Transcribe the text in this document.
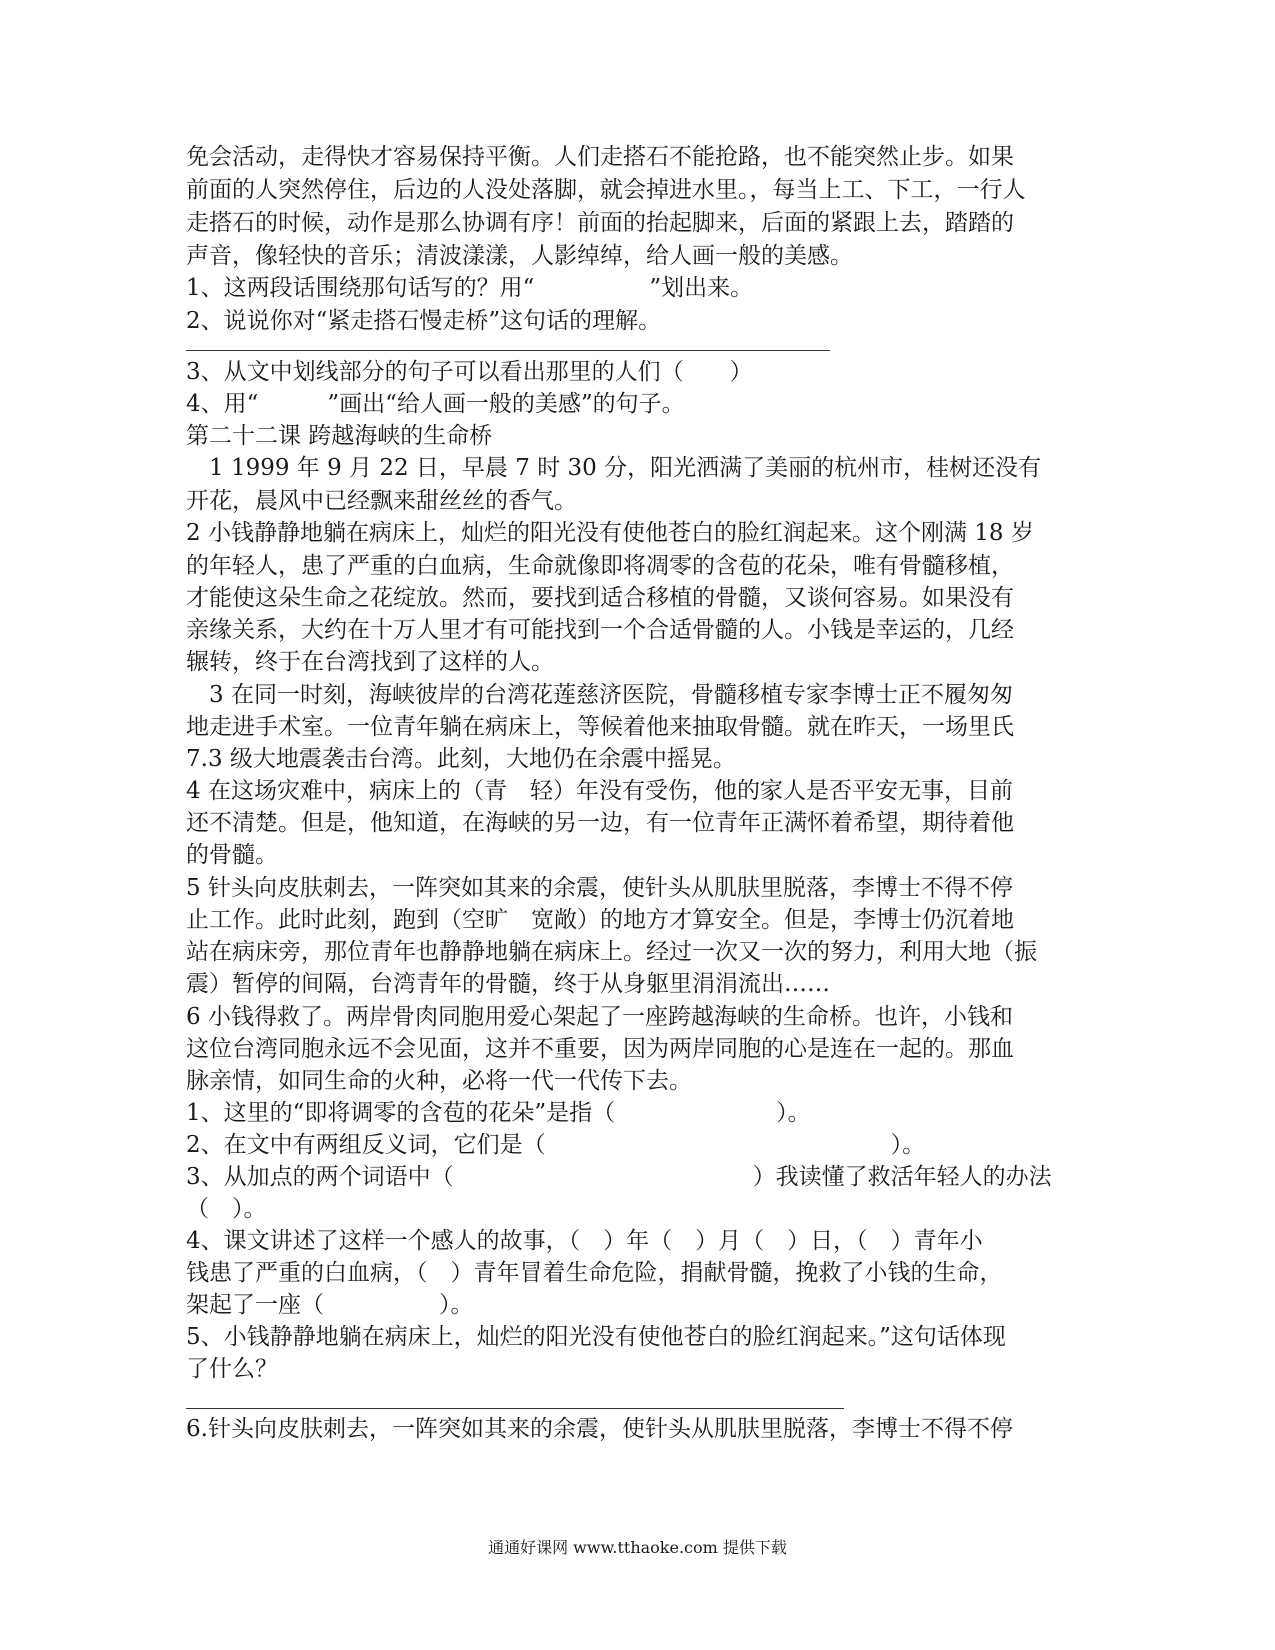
免会活动，走得快才容易保持平衡。人们走搭石不能抢路，也不能突然止步。如果
前面的人突然停住，后边的人没处落脚，就会掉进水里。，每当上工、下工，一行人
走搭石的时候，动作是那么协调有序！前面的抬起脚来，后面的紧跟上去，踏踏的
声音，像轻快的音乐；清波漾漾，人影绰绰，给人画一般的美感。
1、这两段话围绕那句话写的？用“　　　　　”划出来。
2、说说你对“紧走搭石慢走桥”这句话的理解。
3、从文中划线部分的句子可以看出那里的人们（　　）
4、用“　　　”画出“给人画一般的美感”的句子。
第二十二课 跨越海峡的生命桥
　1 1999 年 9 月 22 日，早晨 7 时 30 分，阳光洒满了美丽的杭州市，桂树还没有
开花，晨风中已经飘来甜丝丝的香气。
2 小钱静静地躺在病床上，灿烂的阳光没有使他苍白的脸红润起来。这个刚满 18 岁
的年轻人，患了严重的白血病，生命就像即将凋零的含苞的花朵，唯有骨髓移植，
才能使这朵生命之花绽放。然而，要找到适合移植的骨髓，又谈何容易。如果没有
亲缘关系，大约在十万人里才有可能找到一个合适骨髓的人。小钱是幸运的，几经
辗转，终于在台湾找到了这样的人。
　3 在同一时刻，海峡彼岸的台湾花莲慈济医院，骨髓移植专家李博士正不履匆匆
地走进手术室。一位青年躺在病床上，等候着他来抽取骨髓。就在昨天，一场里氏
7.3 级大地震袭击台湾。此刻，大地仍在余震中摇晃。
4 在这场灾难中，病床上的（青　轻）年没有受伤，他的家人是否平安无事，目前
还不清楚。但是，他知道，在海峡的另一边，有一位青年正满怀着希望，期待着他
的骨髓。
5 针头向皮肤刺去，一阵突如其来的余震，使针头从肌肤里脱落，李博士不得不停
止工作。此时此刻，跑到（空旷　宽敞）的地方才算安全。但是，李博士仍沉着地
站在病床旁，那位青年也静静地躺在病床上。经过一次又一次的努力，利用大地（振
震）暂停的间隔，台湾青年的骨髓，终于从身躯里涓涓流出……
6 小钱得救了。两岸骨肉同胞用爱心架起了一座跨越海峡的生命桥。也许，小钱和
这位台湾同胞永远不会见面，这并不重要，因为两岸同胞的心是连在一起的。那血
脉亲情，如同生命的火种，必将一代一代传下去。
1、这里的“即将调零的含苞的花朵”是指（　　　　　　　）。
2、在文中有两组反义词，它们是（　　　　　　　　　　　　　　　）。
3、从加点的两个词语中（　　　　　　　　　　　　　）我读懂了救活年轻人的办法
（　）。
4、课文讲述了这样一个感人的故事，（　）年（　）月（　）日，（　）青年小
钱患了严重的白血病，（　）青年冒着生命危险，捐献骨髓，挽救了小钱的生命，
架起了一座（　　　　　）。
5、小钱静静地躺在病床上，灿烂的阳光没有使他苍白的脸红润起来。”这句话体现
了什么？
6.针头向皮肤刺去，一阵突如其来的余震，使针头从肌肤里脱落，李博士不得不停
通通好课网 www.tthaoke.com 提供下载
